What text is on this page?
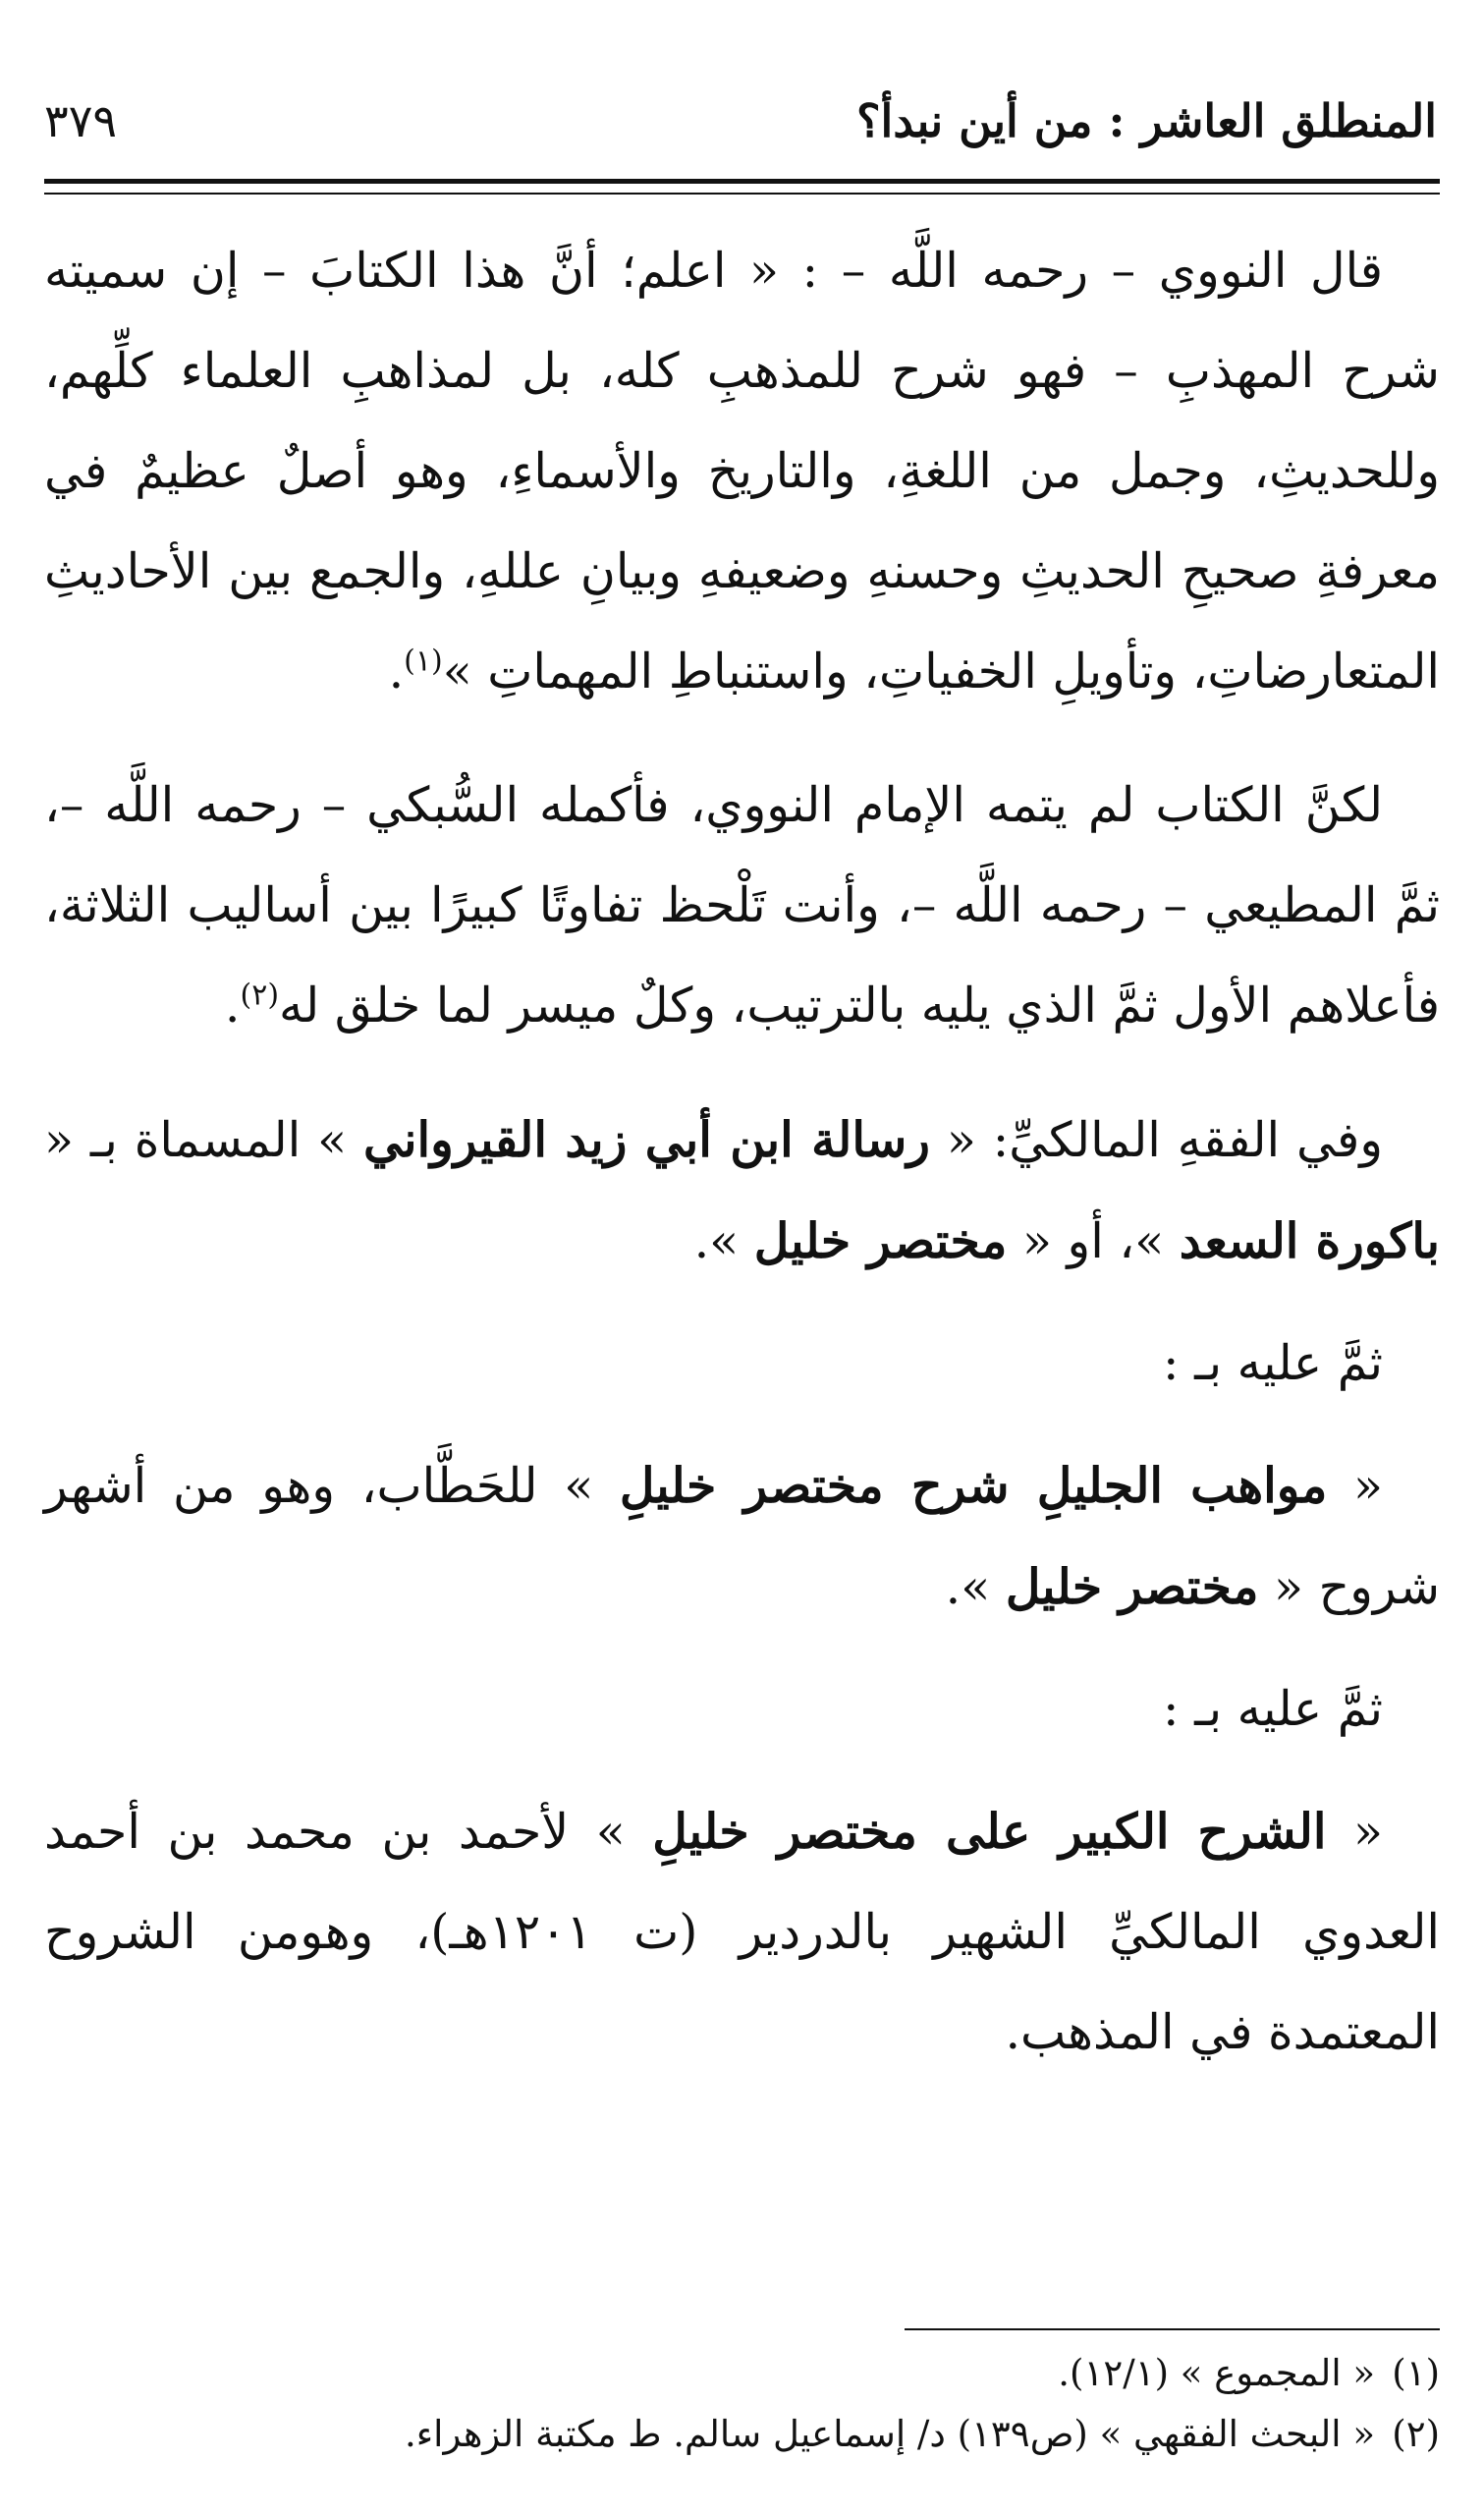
المنطلق العاشر : من أين نبدأ؟
٣٧٩

قال النووي – رحمه اللَّه – : « اعلم؛ أنَّ هذا الكتابَ – إن سميته شرح المهذبِ – فهو شرح للمذهبِ كله، بل لمذاهبِ العلماء كلِّهم، وللحديثِ، وجمل من اللغةِ، والتاريخ والأسماءِ، وهو أصلٌ عظيمٌ في معرفةِ صحيحِ الحديثِ وحسنهِ وضعيفهِ وبيانِ عللهِ، والجمع بين الأحاديثِ المتعارضاتِ، وتأويلِ الخفياتِ، واستنباطِ المهماتِ »$^{(١)}$.

لكنَّ الكتاب لم يتمه الإمام النووي، فأكمله السُّبكي – رحمه اللَّه –، ثمَّ المطيعي – رحمه اللَّه –، وأنت تَلْحظ تفاوتًا كبيرًا بين أساليب الثلاثة، فأعلاهم الأول ثمَّ الذي يليه بالترتيب، وكلٌ ميسر لما خلق له$^{(٢)}$.

وفي الفقهِ المالكيِّ: « رسالة ابن أبي زيد القيرواني » المسماة بـ « باكورة السعد »، أو « مختصر خليل ».

ثمَّ عليه بـ :

« مواهب الجليلِ شرح مختصر خليلِ » للحَطَّاب، وهو من أشهر شروح « مختصر خليل ».

ثمَّ عليه بـ :

« الشرح الكبير على مختصر خليلِ » لأحمد بن محمد بن أحمد العدوي المالكيِّ الشهير بالدردير (ت ١٢٠١هـ)، وهومن الشروح المعتمدة في المذهب.

(١)« المجموع » (١٢/١).

(٢)« البحث الفقهي » (ص١٣٩) د/ إسماعيل سالم. ط مكتبة الزهراء.
